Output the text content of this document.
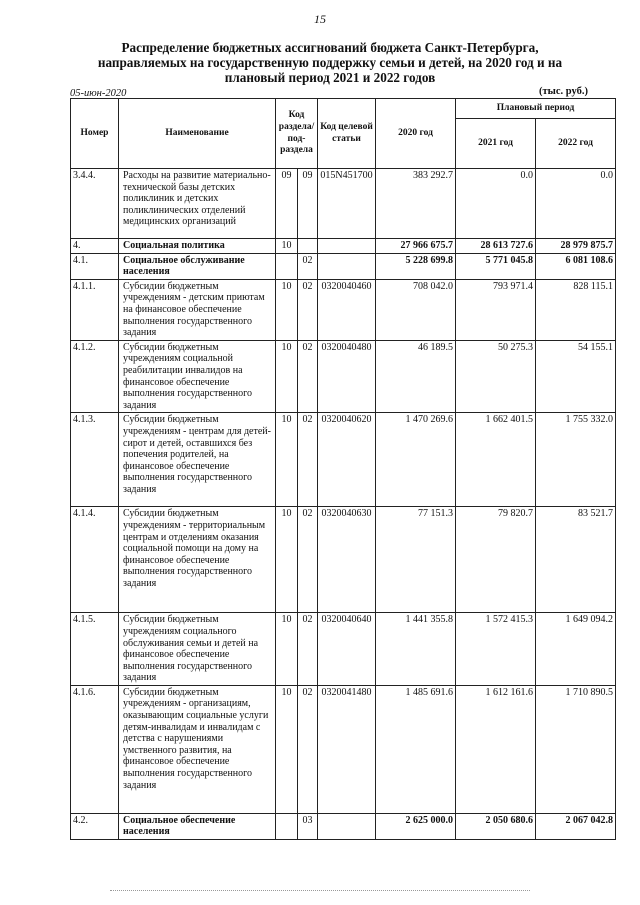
15
Распределение бюджетных ассигнований бюджета Санкт-Петербурга, направляемых на государственную поддержку семьи и детей, на 2020 год и на плановый период 2021 и 2022 годов
05-июн-2020	(тыс. руб.)
Номер	Наименование	Код раздела/ под- раздела		Код целевой статьи	2020 год	Плановый период	
						2021 год	2022 год
3.4.4.	Расходы на развитие материально-технической базы детских поликлиник и детских поликлинических отделений медицинских организаций	09	09	015N451700	383 292.7	0.0	0.0
4.	Социальная политика	10			27 966 675.7	28 613 727.6	28 979 875.7
4.1.	Социальное обслуживание населения		02		5 228 699.8	5 771 045.8	6 081 108.6
4.1.1.	Субсидии бюджетным учреждениям - детским приютам на финансовое обеспечение выполнения государственного задания	10	02	0320040460	708 042.0	793 971.4	828 115.1
4.1.2.	Субсидии бюджетным учреждениям социальной реабилитации инвалидов на финансовое обеспечение выполнения государственного задания	10	02	0320040480	46 189.5	50 275.3	54 155.1
4.1.3.	Субсидии бюджетным учреждениям - центрам для детей-сирот и детей, оставшихся без попечения родителей, на финансовое обеспечение выполнения государственного задания	10	02	0320040620	1 470 269.6	1 662 401.5	1 755 332.0
4.1.4.	Субсидии бюджетным учреждениям - территориальным центрам и отделениям оказания социальной помощи на дому на финансовое обеспечение выполнения государственного задания	10	02	0320040630	77 151.3	79 820.7	83 521.7
4.1.5.	Субсидии бюджетным учреждениям социального обслуживания семьи и детей на финансовое обеспечение выполнения государственного задания	10	02	0320040640	1 441 355.8	1 572 415.3	1 649 094.2
4.1.6.	Субсидии бюджетным учреждениям - организациям, оказывающим социальные услуги детям-инвалидам и инвалидам с детства с нарушениями умственного развития, на финансовое обеспечение выполнения государственного задания	10	02	0320041480	1 485 691.6	1 612 161.6	1 710 890.5
4.2.	Социальное обеспечение населения		03		2 625 000.0	2 050 680.6	2 067 042.8
